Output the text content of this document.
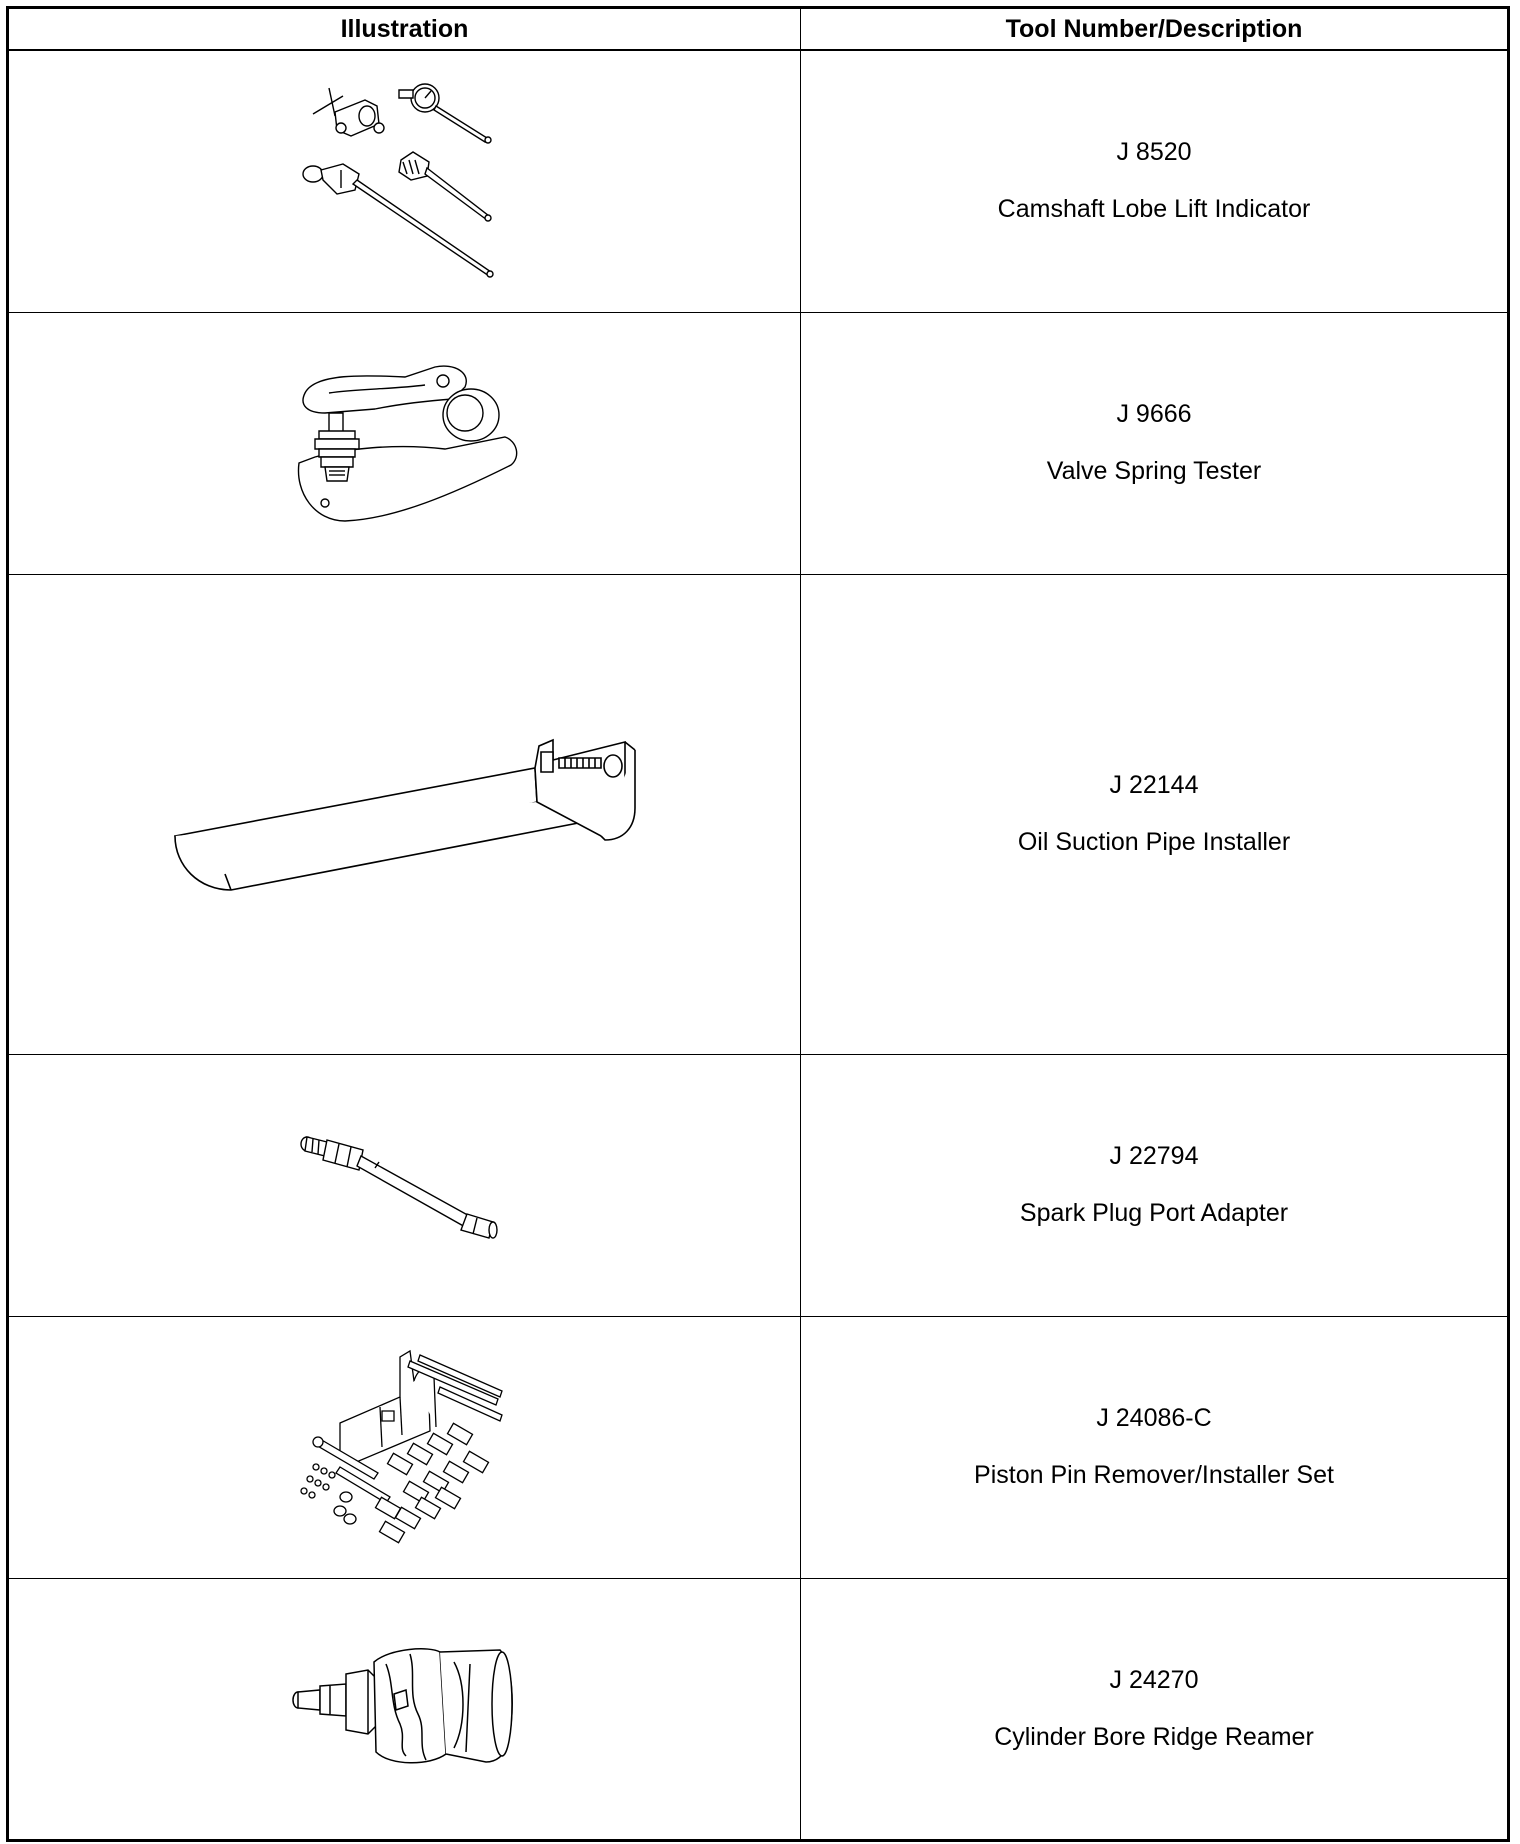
Illustration	Tool Number/Description

J 8520
Camshaft Lobe Lift Indicator

J 9666
Valve Spring Tester

J 22144
Oil Suction Pipe Installer

J 22794
Spark Plug Port Adapter

J 24086-C
Piston Pin Remover/Installer Set

J 24270
Cylinder Bore Ridge Reamer
